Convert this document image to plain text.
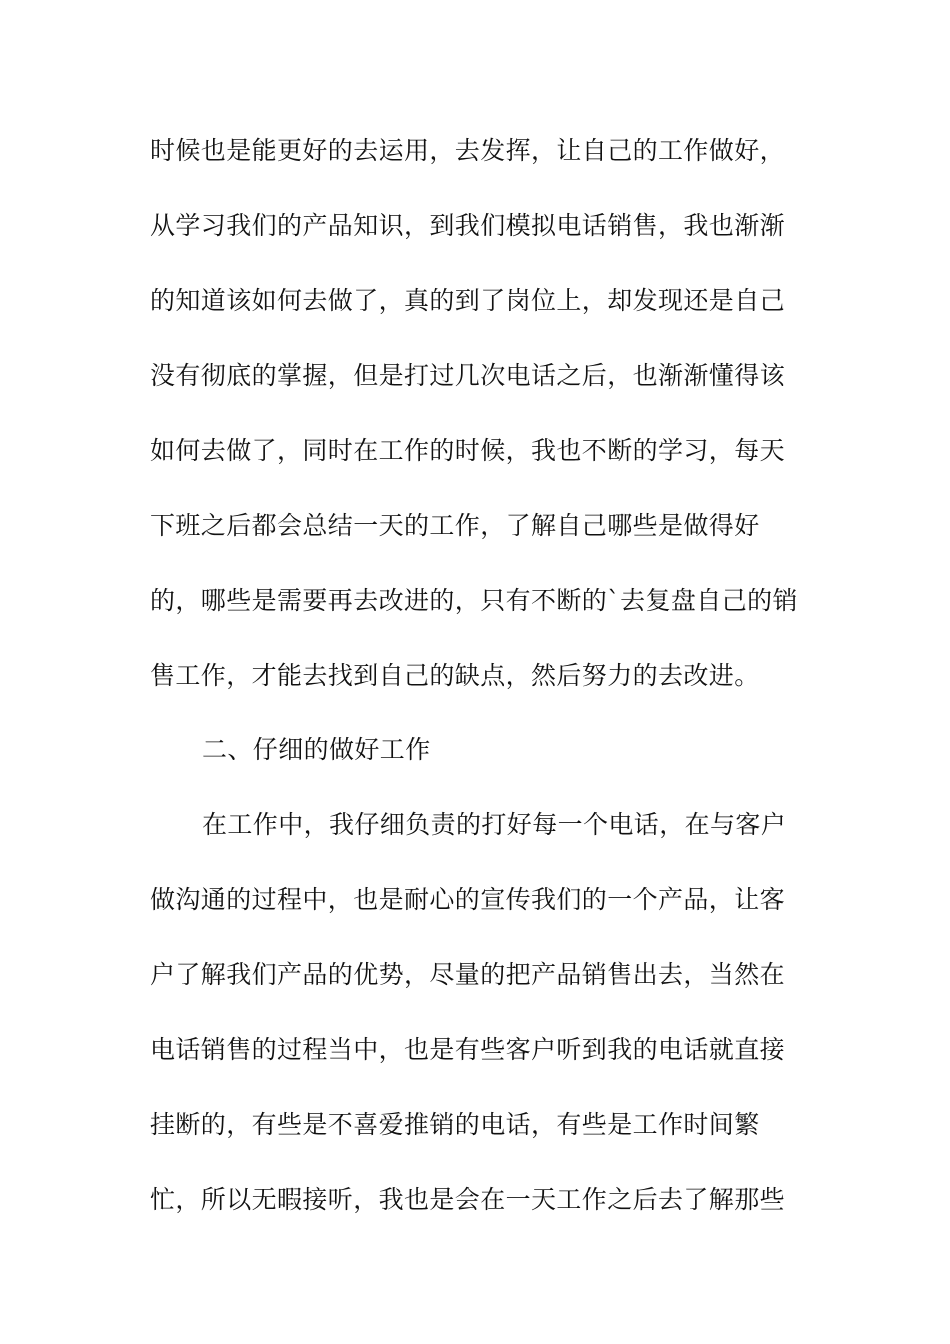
时候也是能更好的去运用，去发挥，让自己的工作做好，
从学习我们的产品知识，到我们模拟电话销售，我也渐渐
的知道该如何去做了，真的到了岗位上，却发现还是自己
没有彻底的掌握，但是打过几次电话之后，也渐渐懂得该
如何去做了，同时在工作的时候，我也不断的学习，每天
下班之后都会总结一天的工作，了解自己哪些是做得好
的，哪些是需要再去改进的，只有不断的`去复盘自己的销
售工作，才能去找到自己的缺点，然后努力的去改进。
二、仔细的做好工作
在工作中，我仔细负责的打好每一个电话，在与客户
做沟通的过程中，也是耐心的宣传我们的一个产品，让客
户了解我们产品的优势，尽量的把产品销售出去，当然在
电话销售的过程当中，也是有些客户听到我的电话就直接
挂断的，有些是不喜爱推销的电话，有些是工作时间繁
忙，所以无暇接听，我也是会在一天工作之后去了解那些
